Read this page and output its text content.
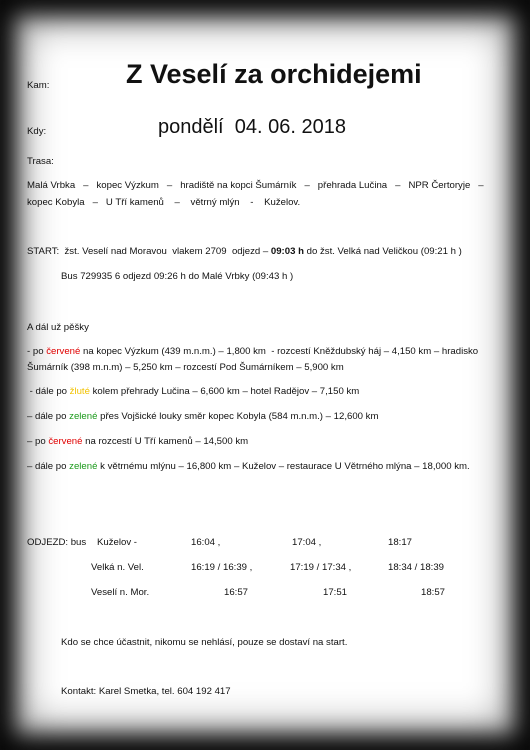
Kam:	Z Veselí za orchidejemi
Kdy:	pondělí  04. 06. 2018
Trasa:
Malá Vrbka   –   kopec Výzkum   –   hradiště na kopci Šumárník   –   přehrada Lučina   –   NPR Čertoryje   –
kopec Kobyla   –   U Tří kamenů    –    větrný mlýn    -    Kuželov.
START:  žst. Veselí nad Moravou  vlakem 2709  odjezd – 09:03 h do žst. Velká nad Veličkou (09:21 h )
Bus 729935 6 odjezd 09:26 h do Malé Vrbky (09:43 h )
A dál už pěšky
- po červené na kopec Výzkum (439 m.n.m.) – 1,800 km  - rozcestí Kněždubský háj – 4,150 km – hradisko
Šumárník (398 m.n.m) – 5,250 km – rozcestí Pod Šumárníkem – 5,900 km
- dále po žluté kolem přehrady Lučina – 6,600 km – hotel Radějov – 7,150 km
– dále po zelené přes Vojšické louky směr kopec Kobyla (584 m.n.m.) – 12,600 km
– po červené na rozcestí U Tří kamenů – 14,500 km
– dále po zelené k větrnému mlýnu – 16,800 km – Kuželov – restaurace U Větrného mlýna – 18,000 km.
ODJEZD: bus Kuželov -	16:04 ,	17:04 ,	18:17
Velká n. Vel.	16:19 / 16:39 ,	17:19 / 17:34 ,	18:34 / 18:39
Veselí n. Mor.	16:57	17:51	18:57
Kdo se chce účastnit, nikomu se nehlásí, pouze se dostaví na start.
Kontakt: Karel Smetka, tel. 604 192 417
